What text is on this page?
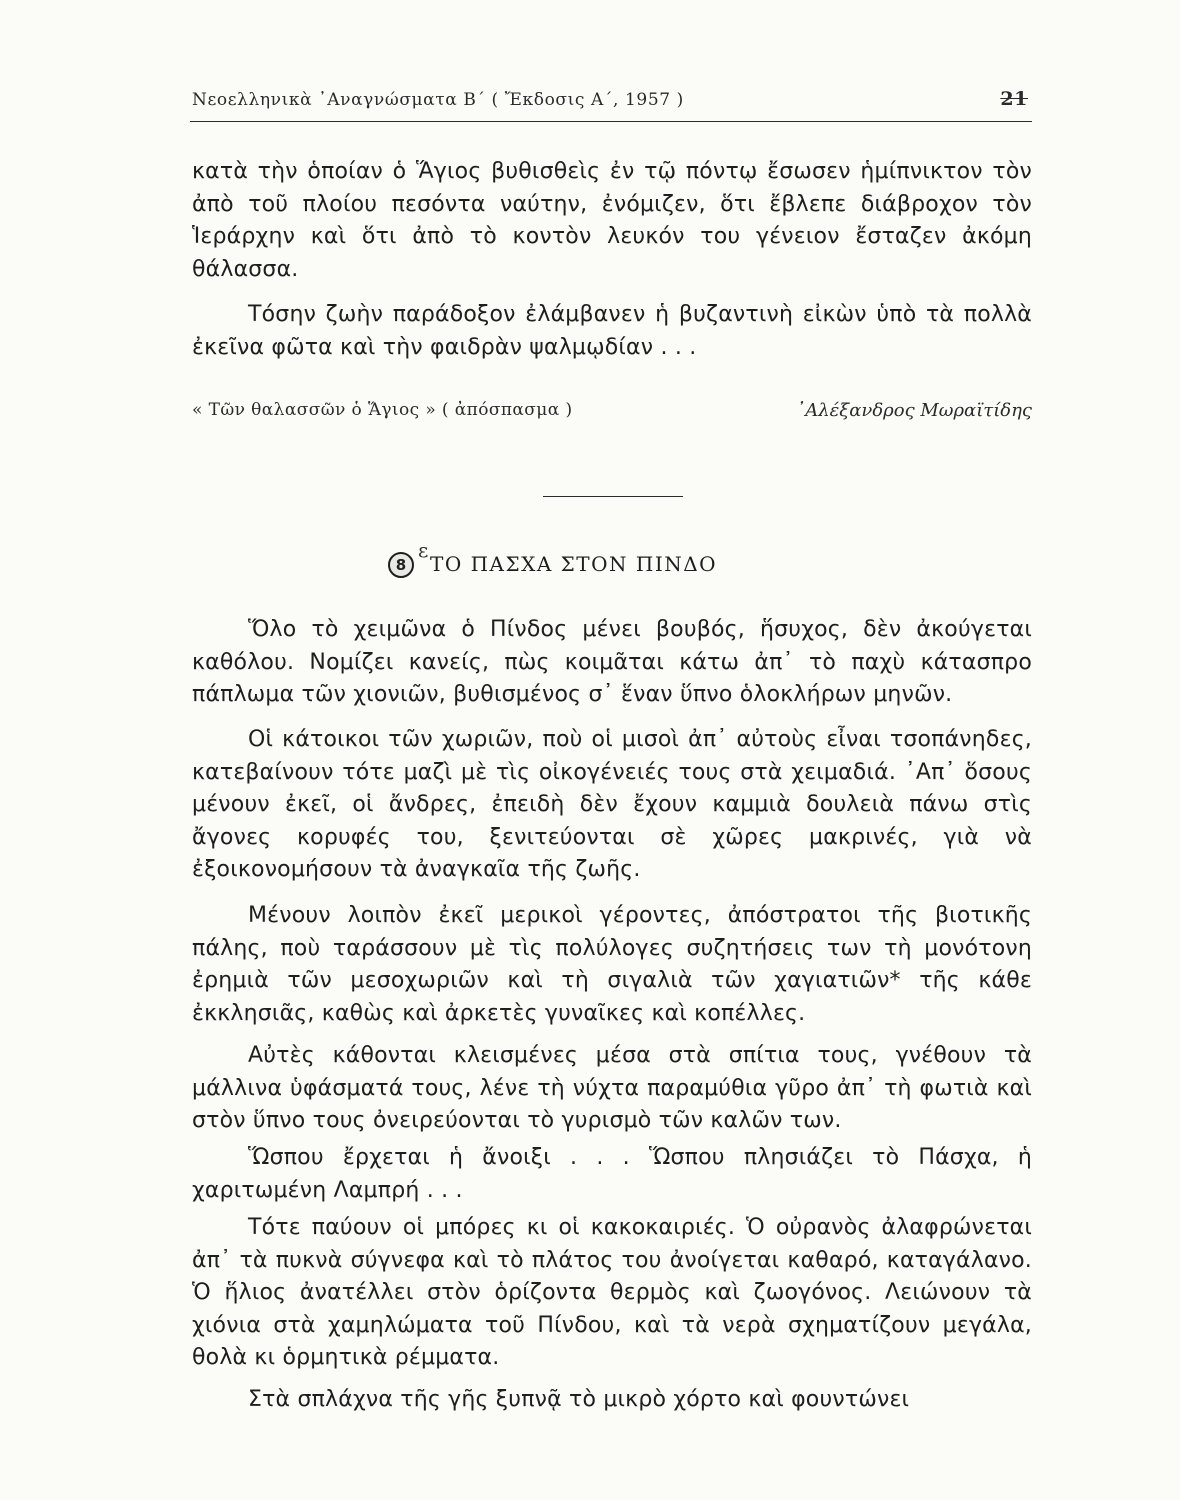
Νεοελληνικὰ ᾿Αναγνώσματα Β΄ ( Ἔκδοσις Α΄, 1957 )	21

κατὰ τὴν ὁποίαν ὁ Ἅγιος βυθισθεὶς ἐν τῷ πόντῳ ἔσωσεν ἡμίπνικτον τὸν ἀπὸ τοῦ πλοίου πεσόντα ναύτην, ἐνόμιζεν, ὅτι ἔβλεπε διάβροχον τὸν Ἱεράρχην καὶ ὅτι ἀπὸ τὸ κοντὸν λευκόν του γένειον ἔσταζεν ἀκόμη θάλασσα.

Τόσην ζωὴν παράδοξον ἐλάμβανεν ἡ βυζαντινὴ εἰκὼν ὑπὸ τὰ πολλὰ ἐκεῖνα φῶτα καὶ τὴν φαιδρὰν ψαλμῳδίαν . . .

« Τῶν θαλασσῶν ὁ Ἅγιος » ( ἀπόσπασμα )	᾿Αλέξανδρος Μωραϊτίδης
8
ε
ΤΟ ΠΑΣΧΑ ΣΤΟΝ ΠΙΝΔΟ

Ὅλο τὸ χειμῶνα ὁ Πίνδος μένει βουβός, ἥσυχος, δὲν ἀκούγεται καθόλου. Νομίζει κανείς, πὼς κοιμᾶται κάτω ἀπ᾿ τὸ παχὺ κάτασπρο πάπλωμα τῶν χιονιῶν, βυθισμένος σ᾿ ἕναν ὕπνο ὁλοκλήρων μηνῶν.

Οἱ κάτοικοι τῶν χωριῶν, ποὺ οἱ μισοὶ ἀπ᾿ αὐτοὺς εἶναι τσοπάνηδες, κατεβαίνουν τότε μαζὶ μὲ τὶς οἰκογένειές τους στὰ χειμαδιά. ᾿Απ᾿ ὅσους μένουν ἐκεῖ, οἱ ἄνδρες, ἐπειδὴ δὲν ἔχουν καμμιὰ δουλειὰ πάνω στὶς ἄγονες κορυφές του, ξενιτεύονται σὲ χῶρες μακρινές, γιὰ νὰ ἐξοικονομήσουν τὰ ἀναγκαῖα τῆς ζωῆς.

Μένουν λοιπὸν ἐκεῖ μερικοὶ γέροντες, ἀπόστρατοι τῆς βιοτικῆς πάλης, ποὺ ταράσσουν μὲ τὶς πολύλογες συζητήσεις των τὴ μονότονη ἐρημιὰ τῶν μεσοχωριῶν καὶ τὴ σιγαλιὰ τῶν χαγιατιῶν* τῆς κάθε ἐκκλησιᾶς, καθὼς καὶ ἀρκετὲς γυναῖκες καὶ κοπέλλες.

Αὐτὲς κάθονται κλεισμένες μέσα στὰ σπίτια τους, γνέθουν τὰ μάλλινα ὑφάσματά τους, λένε τὴ νύχτα παραμύθια γῦρο ἀπ᾿ τὴ φωτιὰ καὶ στὸν ὕπνο τους ὀνειρεύονται τὸ γυρισμὸ τῶν καλῶν των.

Ὥσπου ἔρχεται ἡ ἄνοιξι . . . Ὥσπου πλησιάζει τὸ Πάσχα, ἡ χαριτωμένη Λαμπρή . . .

Τότε παύουν οἱ μπόρες κι οἱ κακοκαιριές. Ὁ οὐρανὸς ἀλαφρώνεται ἀπ᾿ τὰ πυκνὰ σύγνεφα καὶ τὸ πλάτος του ἀνοίγεται καθαρό, καταγάλανο. Ὁ ἥλιος ἀνατέλλει στὸν ὁρίζοντα θερμὸς καὶ ζωογόνος. Λειώνουν τὰ χιόνια στὰ χαμηλώματα τοῦ Πίνδου, καὶ τὰ νερὰ σχηματίζουν μεγάλα, θολὰ κι ὁρμητικὰ ρέμματα.

Στὰ σπλάχνα τῆς γῆς ξυπνᾷ τὸ μικρὸ χόρτο καὶ φουντώνει
